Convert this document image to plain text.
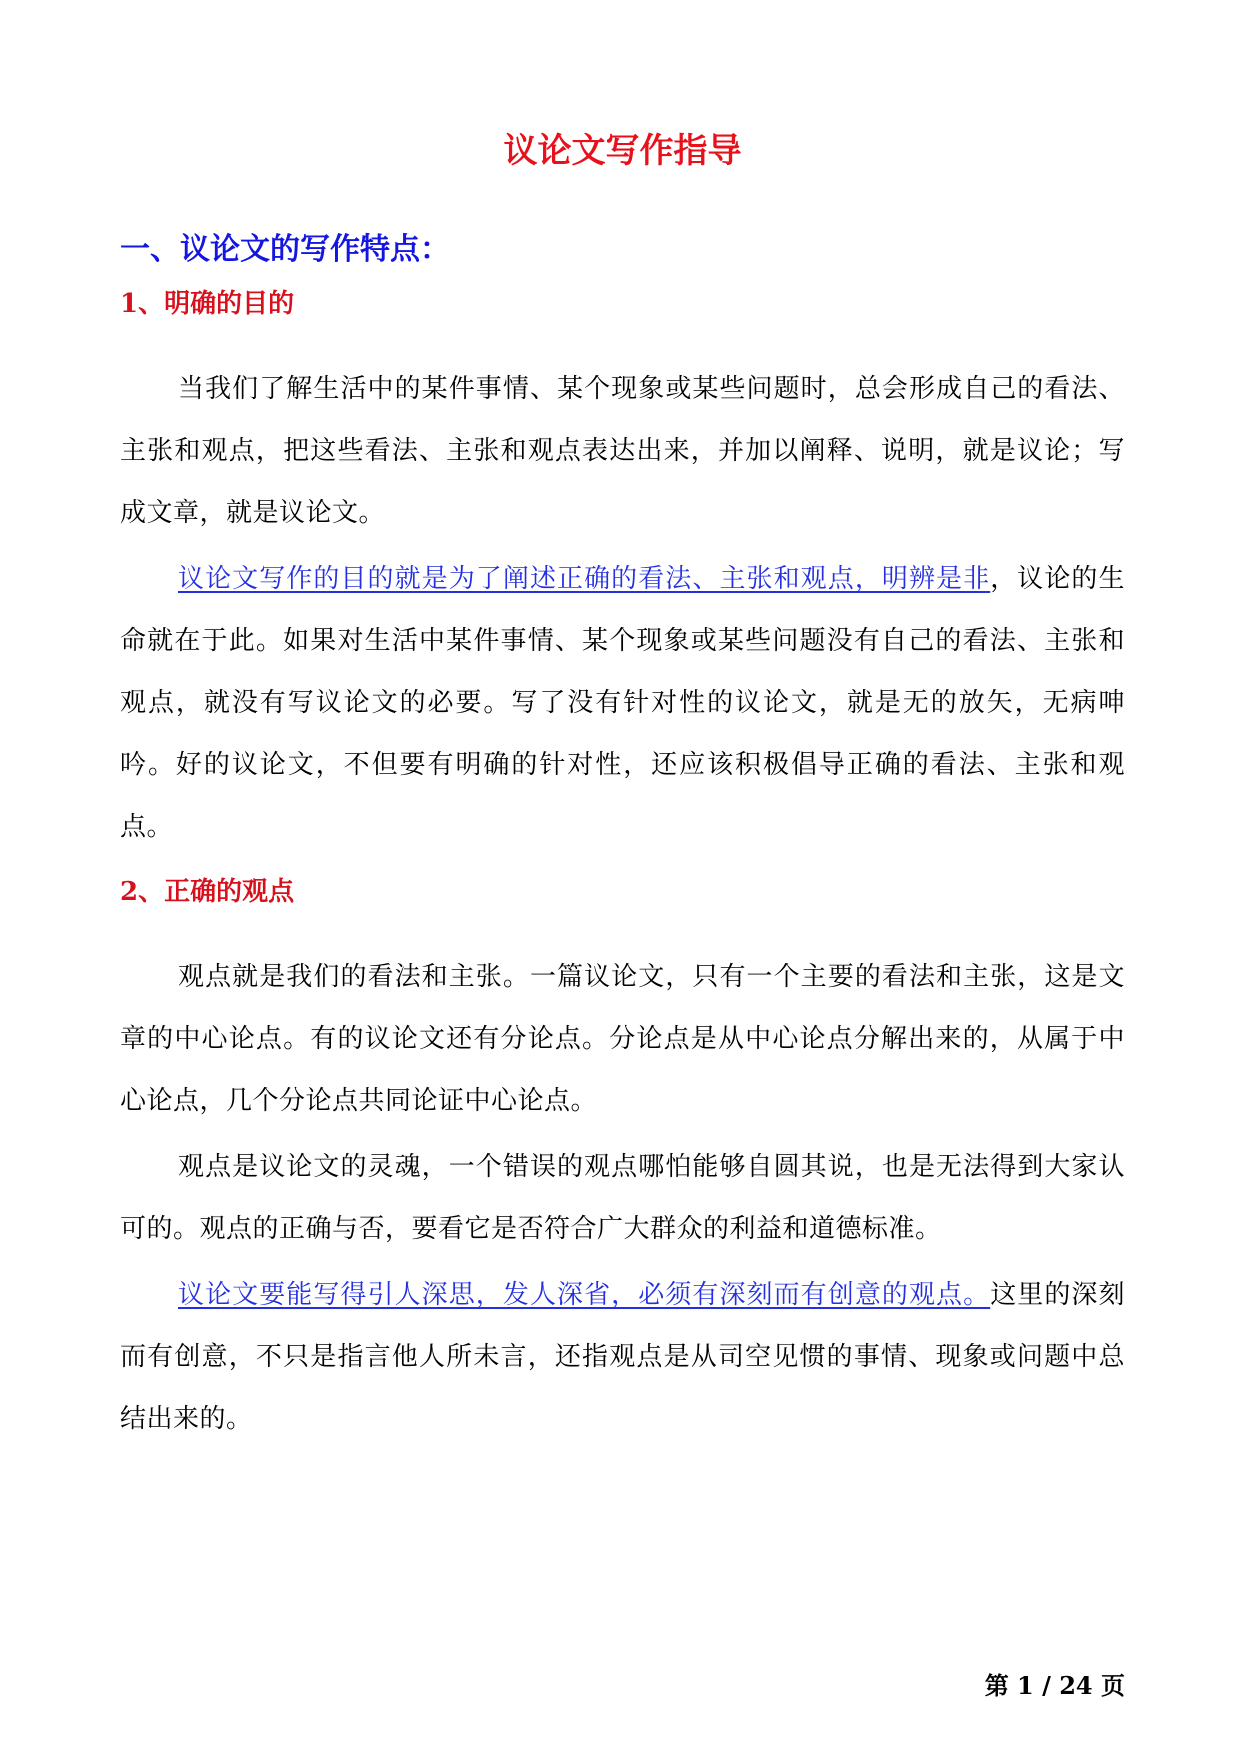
议论文写作指导
一、议论文的写作特点：
1、明确的目的

当我们了解生活中的某件事情、某个现象或某些问题时，总会形成自己的看法、主张和观点，把这些看法、主张和观点表达出来，并加以阐释、说明，就是议论；写成文章，就是议论文。

议论文写作的目的就是为了阐述正确的看法、主张和观点，明辨是非，议论的生命就在于此。如果对生活中某件事情、某个现象或某些问题没有自己的看法、主张和观点，就没有写议论文的必要。写了没有针对性的议论文，就是无的放矢，无病呻吟。好的议论文，不但要有明确的针对性，还应该积极倡导正确的看法、主张和观点。

2、正确的观点

观点就是我们的看法和主张。一篇议论文，只有一个主要的看法和主张，这是文章的中心论点。有的议论文还有分论点。分论点是从中心论点分解出来的，从属于中心论点，几个分论点共同论证中心论点。

观点是议论文的灵魂，一个错误的观点哪怕能够自圆其说，也是无法得到大家认可的。观点的正确与否，要看它是否符合广大群众的利益和道德标准。

议论文要能写得引人深思，发人深省，必须有深刻而有创意的观点。这里的深刻而有创意，不只是指言他人所未言，还指观点是从司空见惯的事情、现象或问题中总结出来的。

第 1 / 24 页
